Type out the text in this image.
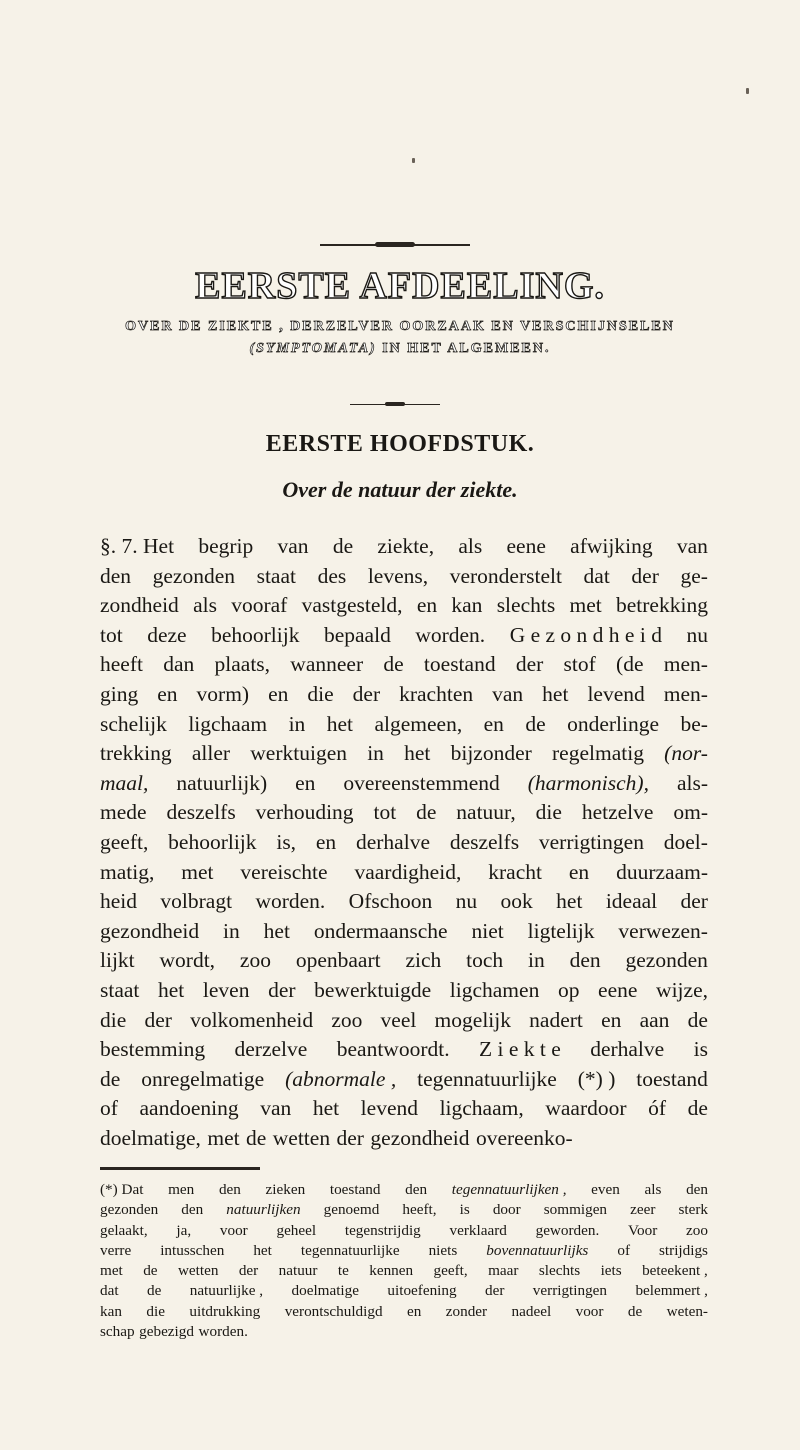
EERSTE AFDEELING.
OVER DE ZIEKTE , DERZELVER OORZAAK EN VERSCHIJNSELEN
(SYMPTOMATA) IN HET ALGEMEEN.
EERSTE HOOFDSTUK.
Over de natuur der ziekte.
§. 7. Het begrip van de ziekte, als eene afwijking van
den gezonden staat des levens, veronderstelt dat der ge-
zondheid als vooraf vastgesteld, en kan slechts met betrekking
tot deze behoorlijk bepaald worden. G e z o n d h e i d nu
heeft dan plaats, wanneer de toestand der stof (de men-
ging en vorm) en die der krachten van het levend men-
schelijk ligchaam in het algemeen, en de onderlinge be-
trekking aller werktuigen in het bijzonder regelmatig (nor-
maal, natuurlijk) en overeenstemmend (harmonisch), als-
mede deszelfs verhouding tot de natuur, die hetzelve om-
geeft, behoorlijk is, en derhalve deszelfs verrigtingen doel-
matig, met vereischte vaardigheid, kracht en duurzaam-
heid volbragt worden. Ofschoon nu ook het ideaal der
gezondheid in het ondermaansche niet ligtelijk verwezen-
lijkt wordt, zoo openbaart zich toch in den gezonden
staat het leven der bewerktuigde ligchamen op eene wijze,
die der volkomenheid zoo veel mogelijk nadert en aan de
bestemming derzelve beantwoordt. Z i e k t e derhalve is
de onregelmatige (abnormale , tegennatuurlijke (*) ) toestand
of aandoening van het levend ligchaam, waardoor óf de
doelmatige, met de wetten der gezondheid overeenko-
(*) Dat men den zieken toestand den tegennatuurlijken , even als den
gezonden den natuurlijken genoemd heeft, is door sommigen zeer sterk
gelaakt, ja, voor geheel tegenstrijdig verklaard geworden. Voor zoo
verre intusschen het tegennatuurlijke niets bovennatuurlijks of strijdigs
met de wetten der natuur te kennen geeft, maar slechts iets beteekent ,
dat de natuurlijke , doelmatige uitoefening der verrigtingen belemmert ,
kan die uitdrukking verontschuldigd en zonder nadeel voor de weten-
schap gebezigd worden.
